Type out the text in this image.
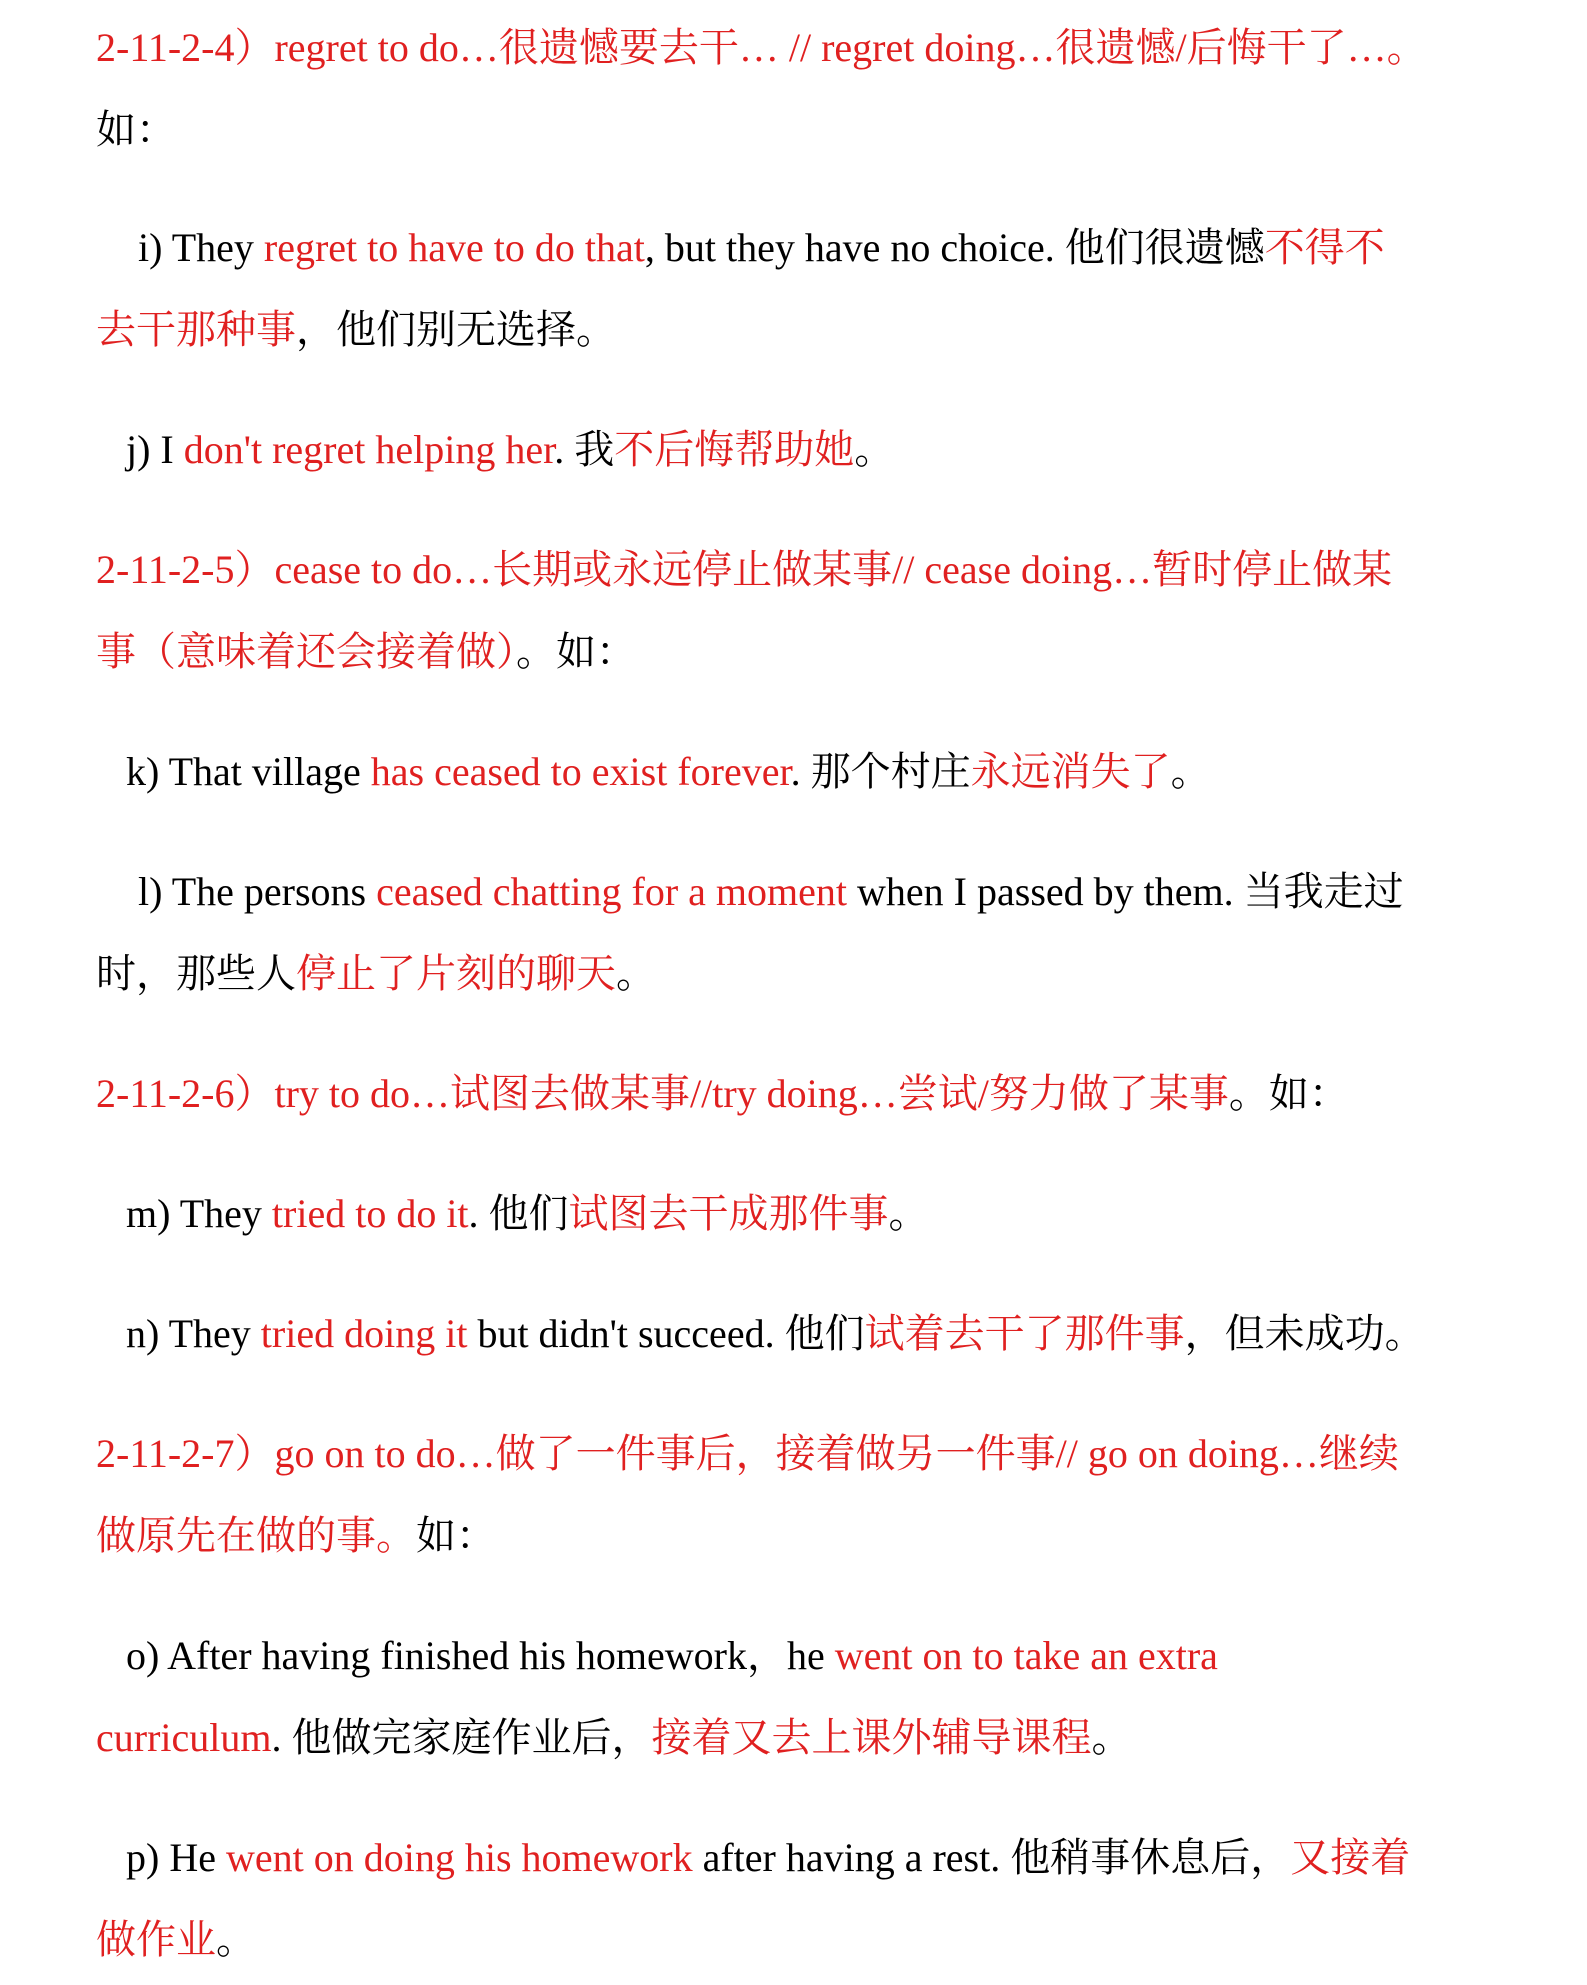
2-11-2-4）regret to do…很遗憾要去干… // regret doing…很遗憾/后悔干了…。
如：
i) They regret to have to do that, but they have no choice. 他们很遗憾不得不
去干那种事，他们别无选择。
j) I don't regret helping her. 我不后悔帮助她。
2-11-2-5）cease to do…长期或永远停止做某事// cease doing…暂时停止做某
事（意味着还会接着做）。如：
k) That village has ceased to exist forever. 那个村庄永远消失了。
l) The persons ceased chatting for a moment when I passed by them. 当我走过
时，那些人停止了片刻的聊天。
2-11-2-6）try to do…试图去做某事//try doing…尝试/努力做了某事。如：
m) They tried to do it. 他们试图去干成那件事。
n) They tried doing it but didn't succeed. 他们试着去干了那件事，但未成功。
2-11-2-7）go on to do…做了一件事后，接着做另一件事// go on doing…继续
做原先在做的事。如：
o) After having finished his homework，he went on to take an extra
curriculum. 他做完家庭作业后，接着又去上课外辅导课程。
p) He went on doing his homework after having a rest. 他稍事休息后，又接着
做作业。
